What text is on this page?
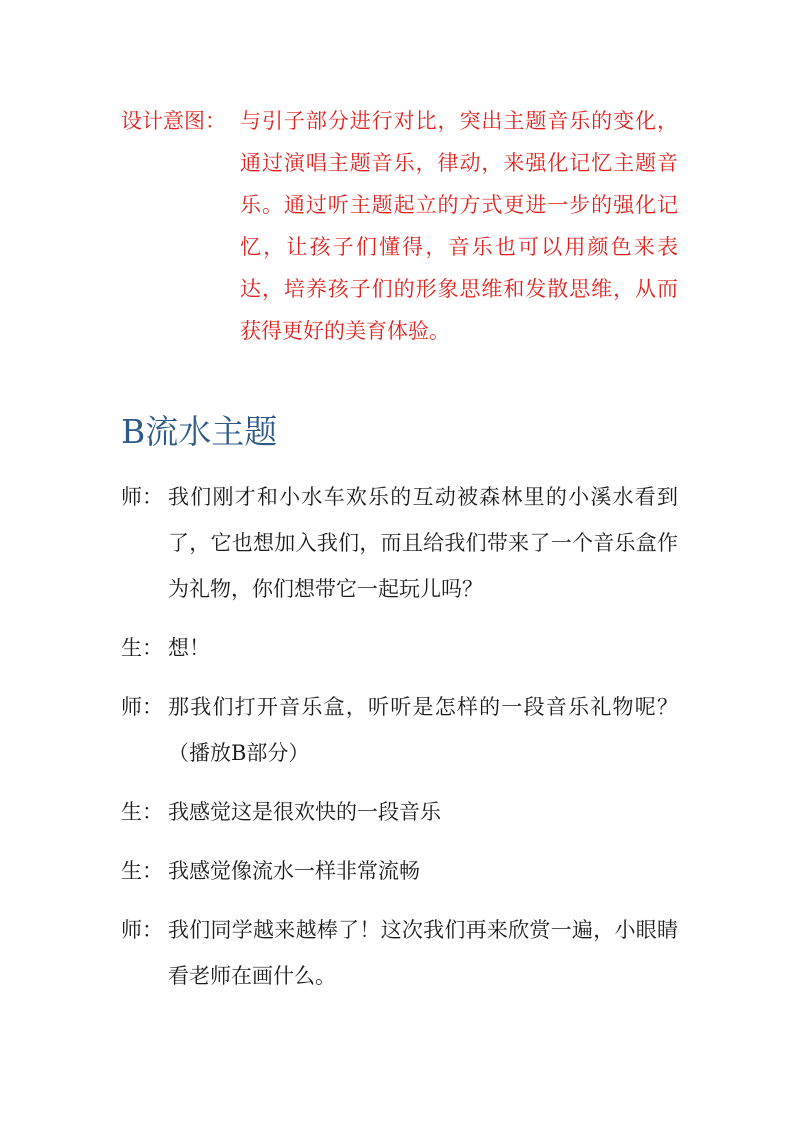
设计意图： 与引子部分进行对比，突出主题音乐的变化，通过演唱主题音乐，律动，来强化记忆主题音乐。通过听主题起立的方式更进一步的强化记忆，让孩子们懂得，音乐也可以用颜色来表达，培养孩子们的形象思维和发散思维，从而获得更好的美育体验。
B流水主题
师： 我们刚才和小水车欢乐的互动被森林里的小溪水看到了，它也想加入我们，而且给我们带来了一个音乐盒作为礼物，你们想带它一起玩儿吗？
生： 想！
师： 那我们打开音乐盒，听听是怎样的一段音乐礼物呢？（播放B部分）
生： 我感觉这是很欢快的一段音乐
生： 我感觉像流水一样非常流畅
师： 我们同学越来越棒了！这次我们再来欣赏一遍，小眼睛看老师在画什么。
